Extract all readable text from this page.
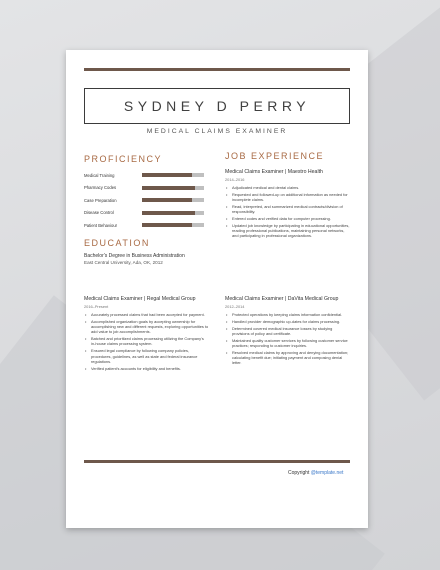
SYDNEY D PERRY
MEDICAL CLAIMS EXAMINER
PROFICIENCY
Medical Training
Pharmacy Codes
Case Preparation
Disease Control
Patient Behaviour
EDUCATION
Bachelor's Degree in Business Administration
East Central University, Ada, OK, 2012
JOB EXPERIENCE
Medical Claims Examiner | Maestro Health
2014–2016
• Adjudicated medical and dental claims.
• Requested and followed-up on additional information as needed for incomplete claims.
• Read, interpreted, and summarized medical contracts/division of responsibility.
• Entered codes and verified data for computer processing.
• Updated job knowledge by participating in educational opportunities, reading professional publications, maintaining personal networks, and participating in professional organizations.
Medical Claims Examiner | Regal Medical Group
2016–Present
• Accurately processed claims that had been accepted for payment.
• Accomplished organization goals by accepting ownership for accomplishing new and different requests, exploring opportunities to add value to job accomplishments.
• Batched and prioritized claims processing utilizing the Company's in-house claims processing system.
• Ensured legal compliance by following company policies, procedures, guidelines, as well as state and federal insurance regulations.
• Verified patient's accounts for eligibility and benefits.
Medical Claims Examiner | DaVita Medical Group
2012–2014
• Protected operations by keeping claims information confidential.
• Handled provider demographic up-dates for claims processing.
• Determined covered medical insurance losses by studying provisions of policy and certificate.
• Maintained quality customer services by following customer service practices; responding to customer inquiries.
• Resolved medical claims by approving and denying documentation; calculating benefit due; initiating payment and composing denial letter.
Copyright @template.net
